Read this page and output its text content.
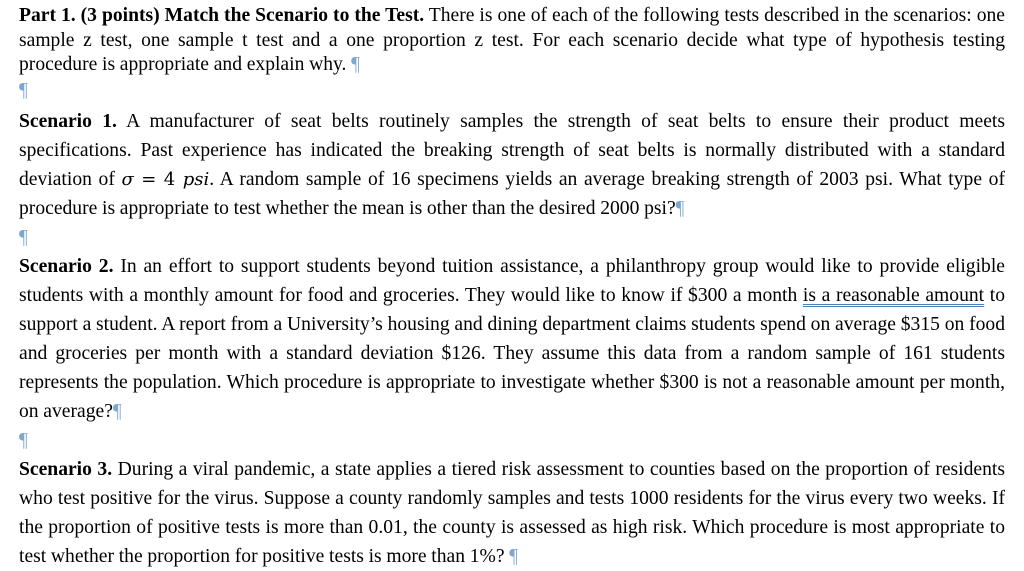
Part 1. (3 points) Match the Scenario to the Test. There is one of each of the following tests described in the scenarios: one sample z test, one sample t test and a one proportion z test. For each scenario decide what type of hypothesis testing procedure is appropriate and explain why. ¶

¶

Scenario 1. A manufacturer of seat belts routinely samples the strength of seat belts to ensure their product meets specifications. Past experience has indicated the breaking strength of seat belts is normally distributed with a standard deviation of σ = 4 psi. A random sample of 16 specimens yields an average breaking strength of 2003 psi. What type of procedure is appropriate to test whether the mean is other than the desired 2000 psi?¶

¶

Scenario 2. In an effort to support students beyond tuition assistance, a philanthropy group would like to provide eligible students with a monthly amount for food and groceries. They would like to know if $300 a month is a reasonable amount to support a student. A report from a University’s housing and dining department claims students spend on average $315 on food and groceries per month with a standard deviation $126. They assume this data from a random sample of 161 students represents the population. Which procedure is appropriate to investigate whether $300 is not a reasonable amount per month, on average?¶

¶

Scenario 3. During a viral pandemic, a state applies a tiered risk assessment to counties based on the proportion of residents who test positive for the virus. Suppose a county randomly samples and tests 1000 residents for the virus every two weeks. If the proportion of positive tests is more than 0.01, the county is assessed as high risk. Which procedure is most appropriate to test whether the proportion for positive tests is more than 1%? ¶
